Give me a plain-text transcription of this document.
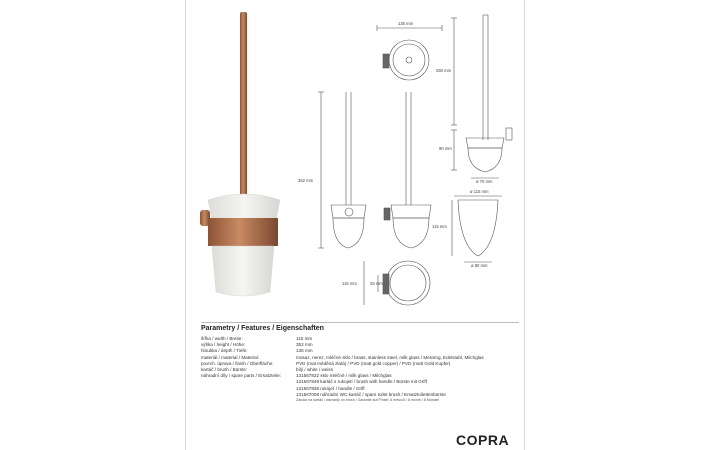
135 mm
250 mm
90 mm
ø 70 mm
352 mm
ø 115 mm
115 mm
ø 80 mm
115 mm	25 mm
Parametry / Features / Eigenschaften
šířka / width / Breite:	115 mm
výška / height / Höhe:	352 mm
hloubka / depth / Tiefe:	135 mm
materiál / material / Material:	mosaz, nerez, mléčné sklo / brass, stainless steel, milk glass / Messing, Edelstahl, Milchglas
povrch. úprava / finish / Oberfläche:	PVD (mat měděná zlatá) / PVD (matt gold copper) / PVD (matt Gold Kupfer)
kartáč / brush / Bürste:	bílý / white / weiss
náhradní díly / spare parts / Ersatzteile:	131567832 sklo mléčné / milk glass / Milchglas
	131567849 kartáč s rukojetí / brush with handle / Bürste mit Griff
	131567836 rukojeť / handle / Griff
	131567008 náhradní WC kartáč / spare toilet brush / Ersatztoilettenbürste
	Záruka na kartáč / warranty on brush / Garantie auf Pinsel: 6 měsíců / 6 month / 6 Monate
COPRA
